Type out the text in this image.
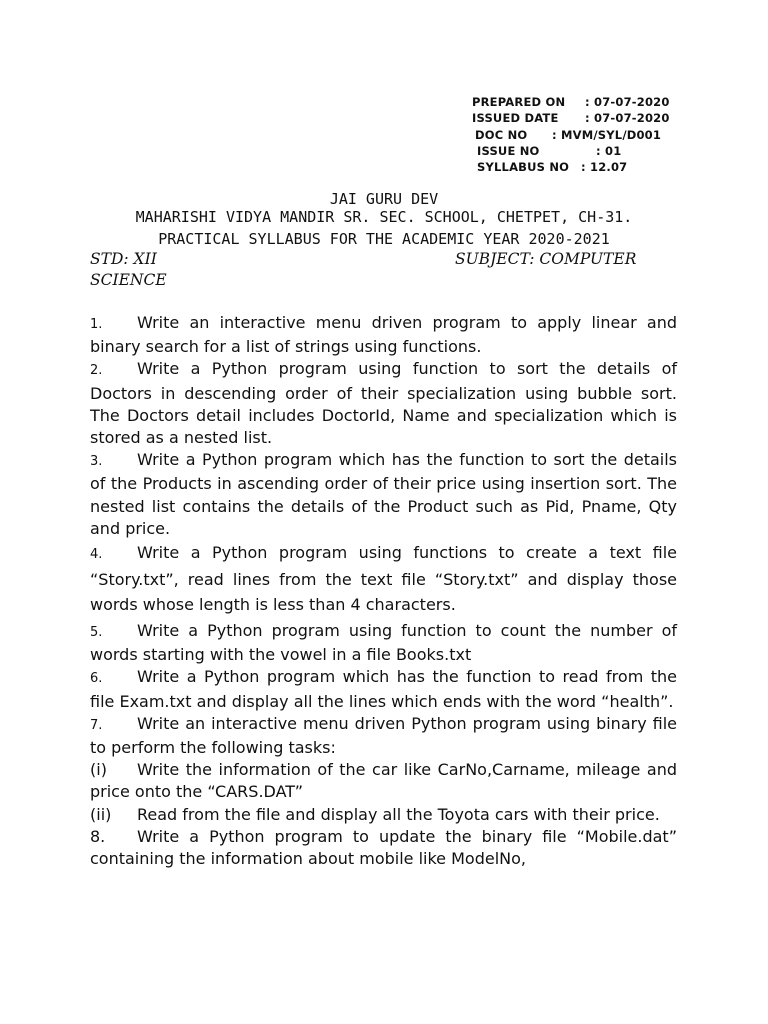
PREPARED ON : 07-07-2020
ISSUED DATE : 07-07-2020
DOC NO : MVM/SYL/D001
ISSUE NO	: 01
SYLLABUS NO : 12.07
JAI GURU DEV
MAHARISHI VIDYA MANDIR SR. SEC. SCHOOL, CHETPET, CH-31.
PRACTICAL SYLLABUS FOR THE ACADEMIC YEAR 2020-2021
STD: XII	SUBJECT: COMPUTER
SCIENCE
1. Write an interactive menu driven program to apply linear and binary search for a list of strings using functions.
2. Write a Python program using function to sort the details of Doctors in descending order of their specialization using bubble sort. The Doctors detail includes DoctorId, Name and specialization which is stored as a nested list.
3. Write a Python program which has the function to sort the details of the Products in ascending order of their price using insertion sort. The nested list contains the details of the Product such as Pid, Pname, Qty and price.
4. Write a Python program using functions to create a text file “Story.txt”, read lines from the text file “Story.txt” and display those words whose length is less than 4 characters.
5. Write a Python program using function to count the number of words starting with the vowel in a file Books.txt
6. Write a Python program which has the function to read from the file Exam.txt and display all the lines which ends with the word “health”.
7. Write an interactive menu driven Python program using binary file to perform the following tasks:
(i) Write the information of the car like CarNo,Carname, mileage and price onto the “CARS.DAT”
(ii) Read from the file and display all the Toyota cars with their price.
8. Write a Python program to update the binary file “Mobile.dat” containing the information about mobile like ModelNo,
